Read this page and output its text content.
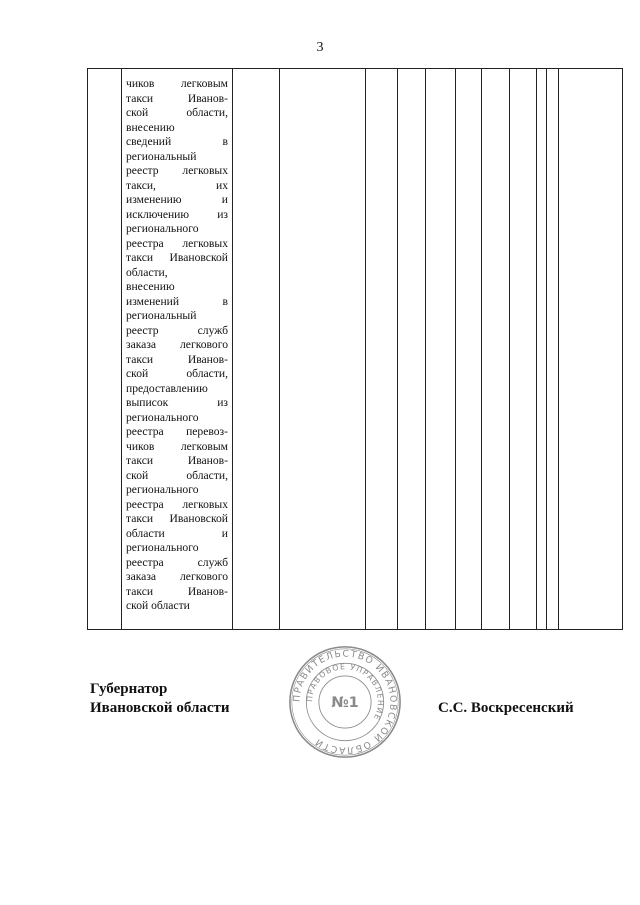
3

чиков легковым
такси Иванов-
ской области,
внесению
сведений в
региональный
реестр легковых
такси, их
изменению и
исключению из
регионального
реестра легковых
такси Ивановской
области,
внесению
изменений в
региональный
реестр служб
заказа легкового
такси Иванов-
ской области,
предоставлению
выписок из
регионального
реестра перевоз-
чиков легковым
такси Иванов-
ской области,
регионального
реестра легковых
такси Ивановской
области и
регионального
реестра служб
заказа легкового
такси Иванов-
ской области

Губернатор
Ивановской области
ПРАВИТЕЛЬСТВО ИВАНОВСКОЙ ОБЛАСТИ
ПРАВОВОЕ УПРАВЛЕНИЕ
№1	С.С. Воскресенский
